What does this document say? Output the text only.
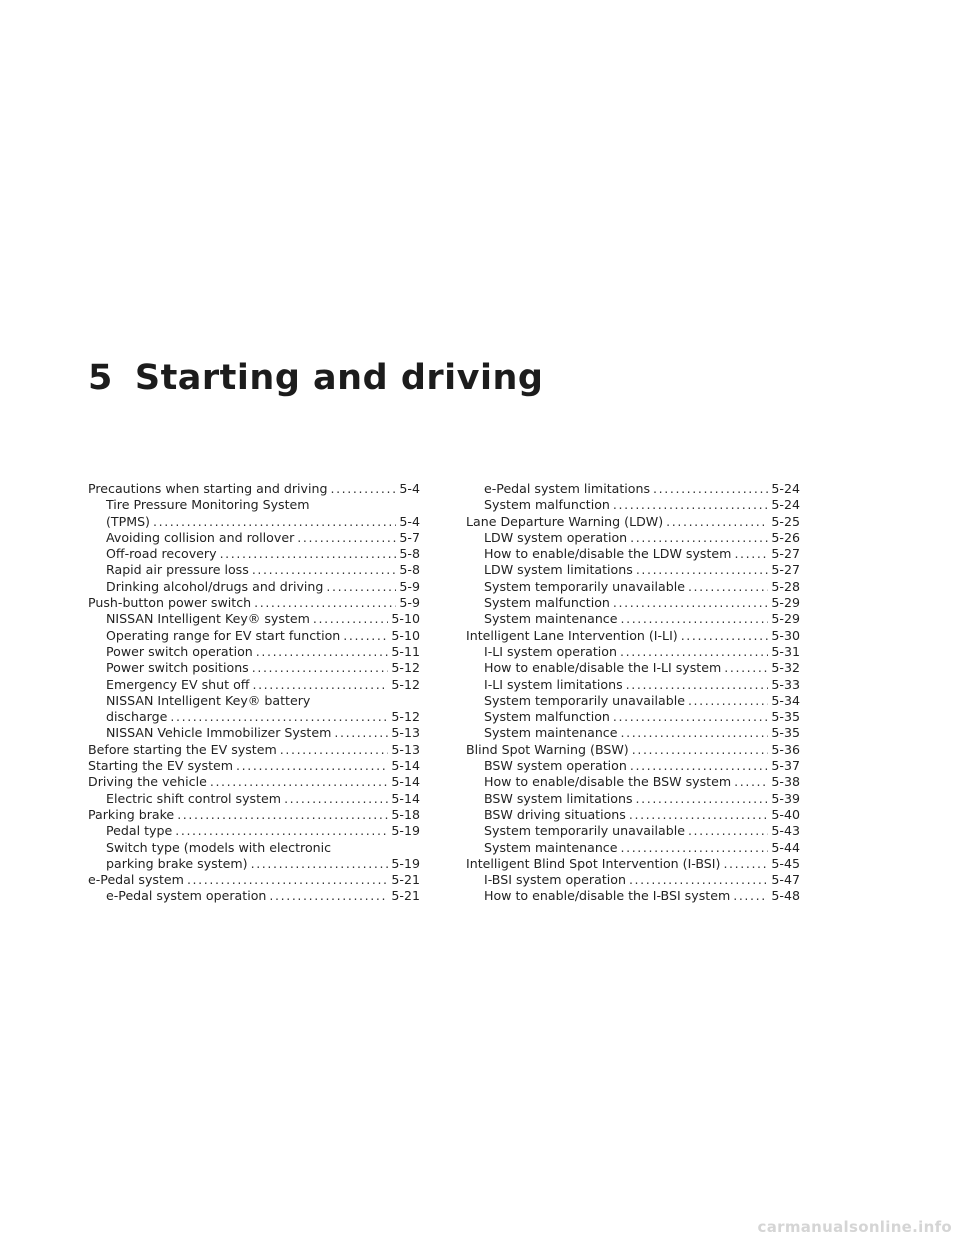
5 Starting and driving
Precautions when starting and driving .....	5-4
Tire Pressure Monitoring System
(TPMS) .....	5-4
Avoiding collision and rollover .....	5-7
Off-road recovery .....	5-8
Rapid air pressure loss .....	5-8
Drinking alcohol/drugs and driving .....	5-9
Push-button power switch .....	5-9
NISSAN Intelligent Key® system .....	5-10
Operating range for EV start function .....	5-10
Power switch operation .....	5-11
Power switch positions .....	5-12
Emergency EV shut off .....	5-12
NISSAN Intelligent Key® battery
discharge .....	5-12
NISSAN Vehicle Immobilizer System .....	5-13
Before starting the EV system .....	5-13
Starting the EV system .....	5-14
Driving the vehicle .....	5-14
Electric shift control system .....	5-14
Parking brake .....	5-18
Pedal type .....	5-19
Switch type (models with electronic
parking brake system) .....	5-19
e-Pedal system .....	5-21
e-Pedal system operation .....	5-21
e-Pedal system limitations .....	5-24
System malfunction .....	5-24
Lane Departure Warning (LDW) .....	5-25
LDW system operation .....	5-26
How to enable/disable the LDW system .....	5-27
LDW system limitations .....	5-27
System temporarily unavailable .....	5-28
System malfunction .....	5-29
System maintenance .....	5-29
Intelligent Lane Intervention (I-LI) .....	5-30
I-LI system operation .....	5-31
How to enable/disable the I-LI system .....	5-32
I-LI system limitations .....	5-33
System temporarily unavailable .....	5-34
System malfunction .....	5-35
System maintenance .....	5-35
Blind Spot Warning (BSW) .....	5-36
BSW system operation .....	5-37
How to enable/disable the BSW system .....	5-38
BSW system limitations .....	5-39
BSW driving situations .....	5-40
System temporarily unavailable .....	5-43
System maintenance .....	5-44
Intelligent Blind Spot Intervention (I-BSI) .....	5-45
I-BSI system operation .....	5-47
How to enable/disable the I-BSI system .....	5-48
carmanualsonline.info
